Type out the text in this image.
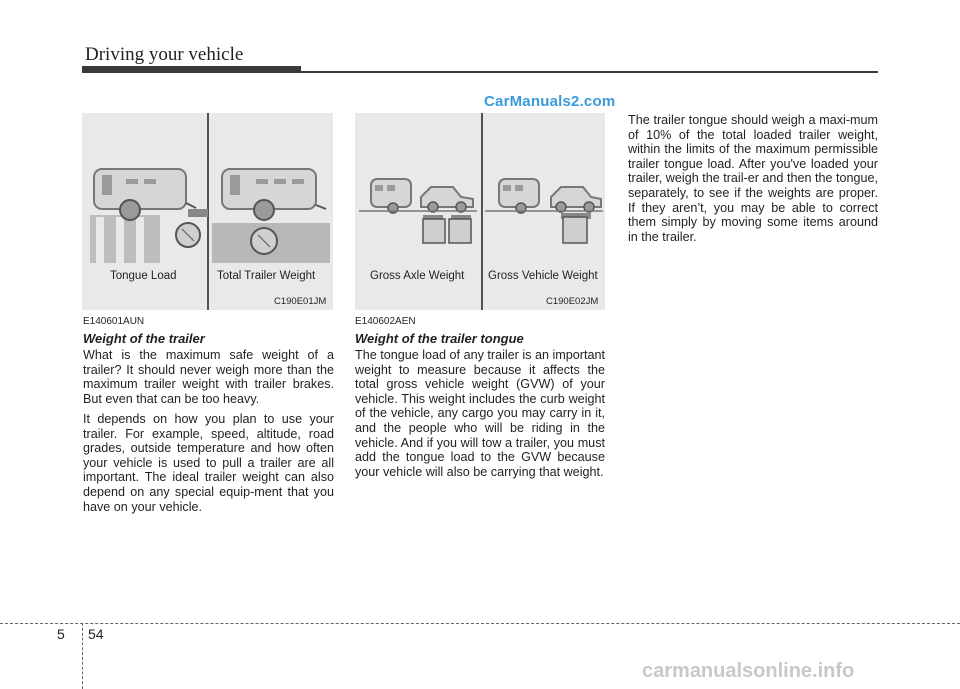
Driving your vehicle
CarManuals2.com
Tongue Load	Total Trailer Weight
C190E01JM
Gross Axle Weight Gross Vehicle Weight
C190E02JM
E140601AUN
Weight of the trailer
What is the maximum safe weight of a trailer? It should never weigh more than the maximum trailer weight with trailer brakes. But even that can be too heavy.
It depends on how you plan to use your trailer. For example, speed, altitude, road grades, outside temperature and how often your vehicle is used to pull a trailer are all important. The ideal trailer weight can also depend on any special equip-ment that you have on your vehicle.
E140602AEN
Weight of the trailer tongue
The tongue load of any trailer is an important weight to measure because it affects the total gross vehicle weight (GVW) of your vehicle. This weight includes the curb weight of the vehicle, any cargo you may carry in it, and the people who will be riding in the vehicle. And if you will tow a trailer, you must add the tongue load to the GVW because your vehicle will also be carrying that weight.
The trailer tongue should weigh a maxi-mum of 10% of the total loaded trailer weight, within the limits of the maximum permissible trailer tongue load. After you've loaded your trailer, weigh the trail-er and then the tongue, separately, to see if the weights are proper. If they aren’t, you may be able to correct them simply by moving some items around in the trailer.
5 54
carmanualsonline.info
